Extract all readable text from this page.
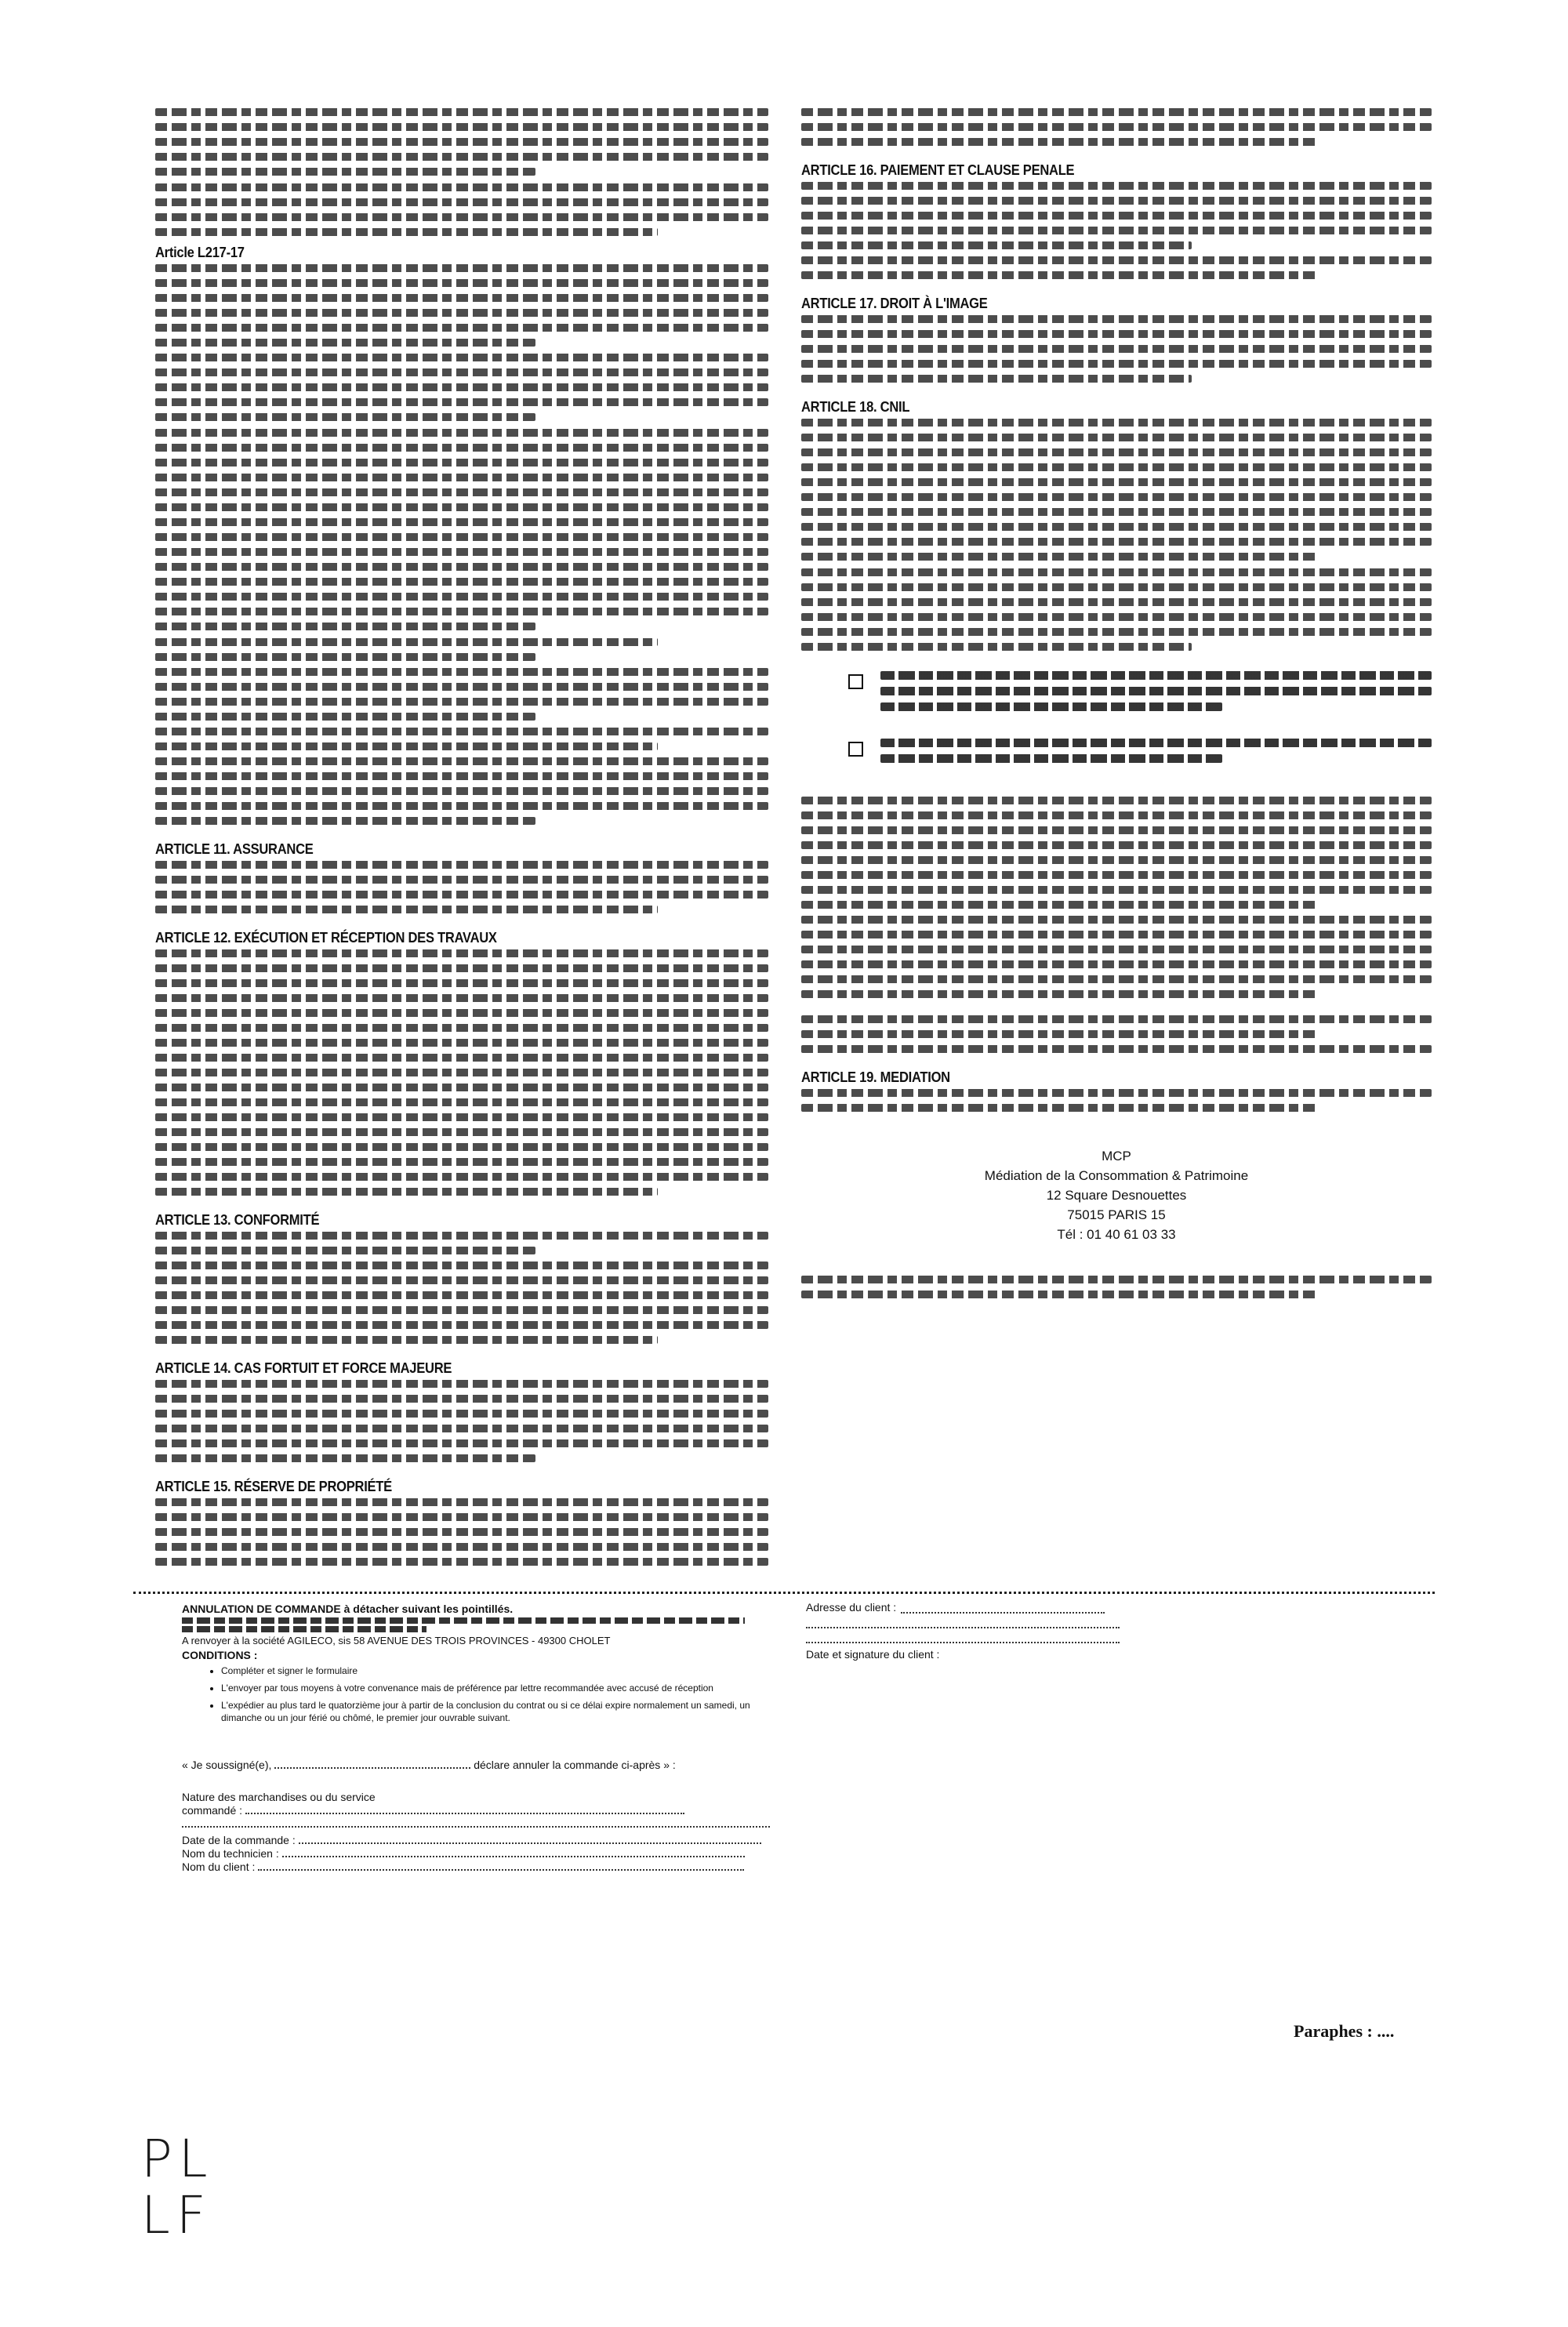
Article L217-17
ARTICLE 11. ASSURANCE
ARTICLE 12. EXÉCUTION ET RÉCEPTION DES TRAVAUX
ARTICLE 13. CONFORMITÉ
ARTICLE 14. CAS FORTUIT ET FORCE MAJEURE
ARTICLE 15. RÉSERVE DE PROPRIÉTÉ
ARTICLE 16. PAIEMENT ET CLAUSE PENALE
ARTICLE 17. DROIT À L'IMAGE
ARTICLE 18. CNIL
ARTICLE 19. MEDIATION
MCP
Médiation de la Consommation & Patrimoine
12 Square Desnouettes
75015 PARIS 15
Tél : 01 40 61 03 33
ANNULATION DE COMMANDE à détacher suivant les pointillés.
A renvoyer à la société AGILECO, sis 58 AVENUE DES TROIS PROVINCES - 49300 CHOLET
CONDITIONS :
• Compléter et signer le formulaire
• L'envoyer par tous moyens à votre convenance mais de préférence par lettre recommandée avec accusé de réception
• L'expédier au plus tard le quatorzième jour à partir de la conclusion du contrat ou si ce délai expire normalement un samedi, un dimanche ou un jour férié ou chômé, le premier jour ouvrable suivant.
« Je soussigné(e),	déclare annuler la commande ci-après » :
Nature des marchandises ou du service
commandé :
Date de la commande :
Nom du technicien :
Nom du client :
Adresse du client :
Date et signature du client :
Paraphes : ....
PL
LF
